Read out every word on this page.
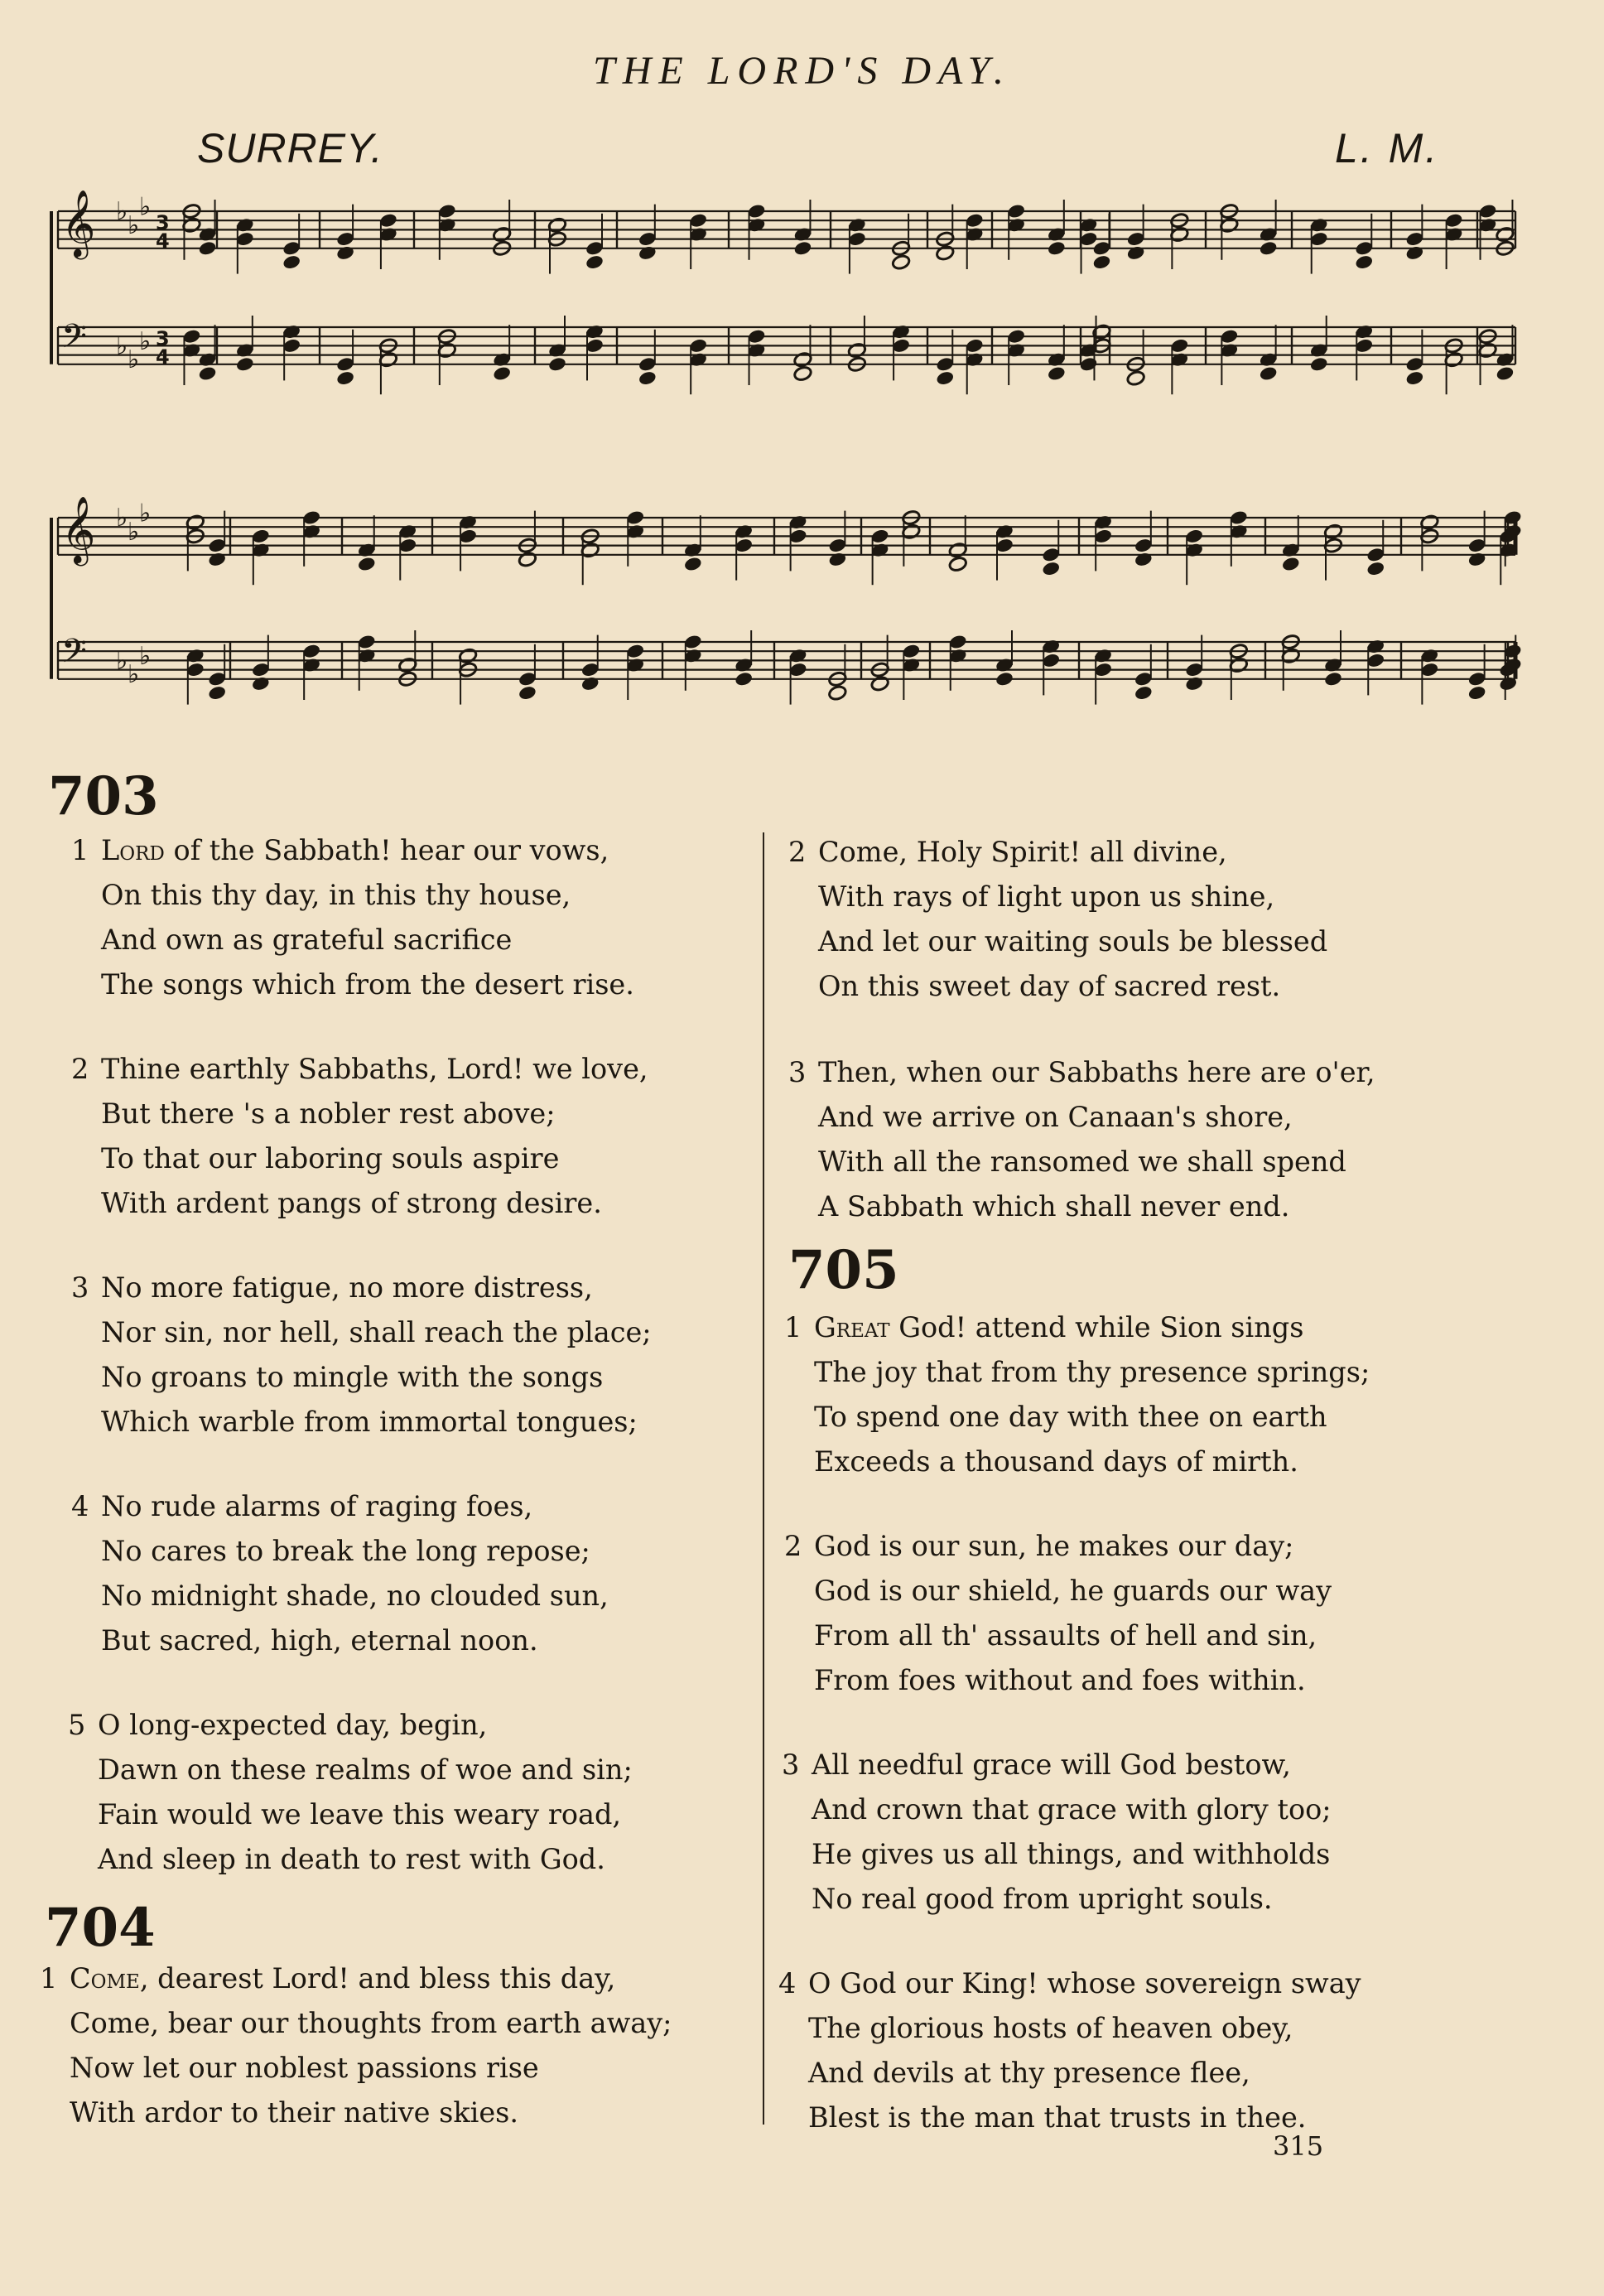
THE LORD'S DAY.
SURREY.	L. M.
𝄞 ♭ ♭
♭
3
4
𝄢 ♭ ♭
♭ 3
4
𝄞 ♭ ♭
♭
𝄢 ♭ ♭
♭
703
1 Lord of the Sabbath! hear our vows,
On this thy day, in this thy house,
And own as grateful sacrifice
The songs which from the desert rise.
2 Thine earthly Sabbaths, Lord! we love,
But there 's a nobler rest above;
To that our laboring souls aspire
With ardent pangs of strong desire.
3 No more fatigue, no more distress,
Nor sin, nor hell, shall reach the place;
No groans to mingle with the songs
Which warble from immortal tongues;
4 No rude alarms of raging foes,
No cares to break the long repose;
No midnight shade, no clouded sun,
But sacred, high, eternal noon.
5 O long-expected day, begin,
Dawn on these realms of woe and sin;
Fain would we leave this weary road,
And sleep in death to rest with God.
704
1 Come, dearest Lord! and bless this day,
Come, bear our thoughts from earth away;
Now let our noblest passions rise
With ardor to their native skies.
2 Come, Holy Spirit! all divine,
With rays of light upon us shine,
And let our waiting souls be blessed
On this sweet day of sacred rest.
3 Then, when our Sabbaths here are o'er,
And we arrive on Canaan's shore,
With all the ransomed we shall spend
A Sabbath which shall never end.
705
1 Great God! attend while Sion sings
The joy that from thy presence springs;
To spend one day with thee on earth
Exceeds a thousand days of mirth.
2 God is our sun, he makes our day;
God is our shield, he guards our way
From all th' assaults of hell and sin,
From foes without and foes within.
3 All needful grace will God bestow,
And crown that grace with glory too;
He gives us all things, and withholds
No real good from upright souls.
4 O God our King! whose sovereign sway
The glorious hosts of heaven obey,
And devils at thy presence flee,
Blest is the man that trusts in thee.
315
